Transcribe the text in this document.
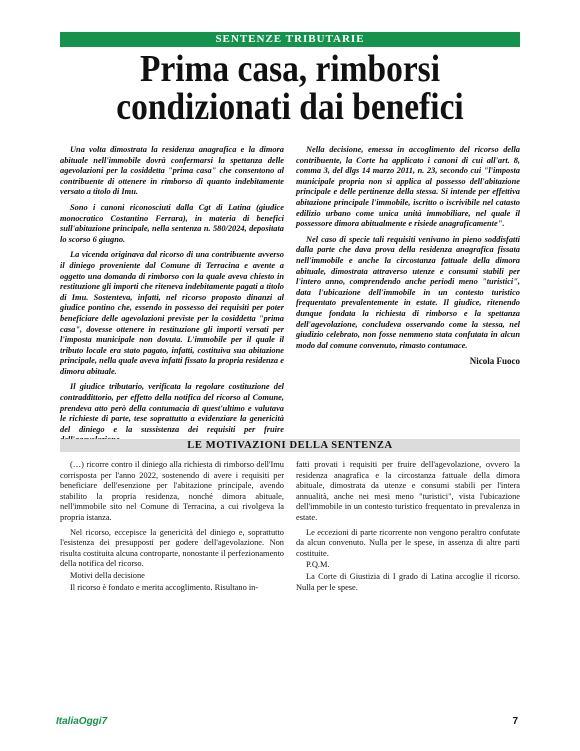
SENTENZE TRIBUTARIE
Prima casa, rimborsi
condizionati dai benefici

Una volta dimostrata la residenza anagrafica e la dimora abituale nell'immobile dovrà confermarsi la spettanza delle agevolazioni per la cosiddetta "prima casa" che consentono al contribuente di ottenere in rimborso di quanto indebitamente versato a titolo di Imu.

Sono i canoni riconosciuti dalla Cgt di Latina (giudice monocratico Costantino Ferrara), in materia di benefici sull'abitazione principale, nella sentenza n. 580/2024, depositata lo scorso 6 giugno.

La vicenda originava dal ricorso di una contribuente avverso il diniego proveniente dal Comune di Terracina e avente a oggetto una domanda di rimborso con la quale aveva chiesto in restituzione gli importi che riteneva indebitamente pagati a titolo di Imu. Sostenteva, infatti, nel ricorso proposto dinanzi al giudice pontino che, essendo in possesso dei requisiti per poter beneficiare delle agevolazioni previste per la cosiddetta "prima casa", dovesse ottenere in restituzione gli importi versati per l'imposta municipale non dovuta. L'immobile per il quale il tributo locale era stato pagato, infatti, costituiva sua abitazione principale, nella quale aveva infatti fissato la propria residenza e dimora abituale.

Il giudice tributario, verificata la regolare costituzione del contraddittorio, per effetto della notifica del ricorso al Comune, prendeva atto però della contumacia di quest'ultimo e valutava le richieste di parte, tese soprattutto a evidenziare la genericità del diniego e la sussistenza dei requisiti per fruire

Nella decisione, emessa in accoglimento del ricorso della contribuente, la Corte ha applicato i canoni di cui all'art. 8, comma 3, del dlgs 14 marzo 2011, n. 23, secondo cui "l'imposta municipale propria non si applica al possesso dell'abitazione principale e delle pertinenze della stessa. Si intende per effettiva abitazione principale l'immobile, iscritto o iscrivibile nel catasto edilizio urbano come unica unità immobiliare, nel quale il possessore dimora abitualmente e risiede anagraficamente".

Nel caso di specie tali requisiti venivano in pieno soddisfatti dalla parte che dava prova della residenza anagrafica fissata nell'immobile e anche la circostanza fattuale della dimora abituale, dimostrata attraverso utenze e consumi stabili per l'intero anno, comprendendo anche periodi meno "turistici", data l'ubicazione dell'immobile in un contesto turistico frequentato prevalentemente in estate. Il giudice, ritenendo dunque fondata la richiesta di rimborso e la spettanza dell'agevolazione, concludeva osservando come la stessa, nel giudizio celebrato, non fosse nemmeno stata confutata in alcun modo dal comune convenuto, rimasto contumace.

Nicola Fuoco
LE MOTIVAZIONI DELLA SENTENZA

(…) ricorre contro il diniego alla richiesta di rimborso dell'Imu corrisposta per l'anno 2022, sostenendo di avere i requisiti per beneficiare dell'esenzione per l'abitazione principale, avendo stabilito la propria residenza, nonché dimora abituale, nell'immobile sito nel Comune di Terracina, a cui rivolgeva la propria istanza.

Nel ricorso, eccepisce la genericità del diniego e, soprattutto l'esistenza dei presupposti per godere dell'agevolazione. Non risulta costituita alcuna controparte, nonostante il perfezionamento della notifica del ricorso.

Motivi della decisione

Il ricorso è fondato e merita accoglimento. Risultano in-

fatti provati i requisiti per fruire dell'agevolazione, ovvero la residenza anagrafica e la circostanza fattuale della dimora abituale, dimostrata da utenze e consumi stabili per l'intera annualità, anche nei mesi meno "turistici", vista l'ubicazione dell'immobile in un contesto turistico frequentato in prevalenza in estate.

Le eccezioni di parte ricorrente non vengono peraltro confutate da alcun convenuto. Nulla per le spese, in assenza di altre parti costituite.

P.Q.M.

La Corte di Giustizia di I grado di Latina accoglie il ricorso. Nulla per le spese.

ItaliaOggi7	7
